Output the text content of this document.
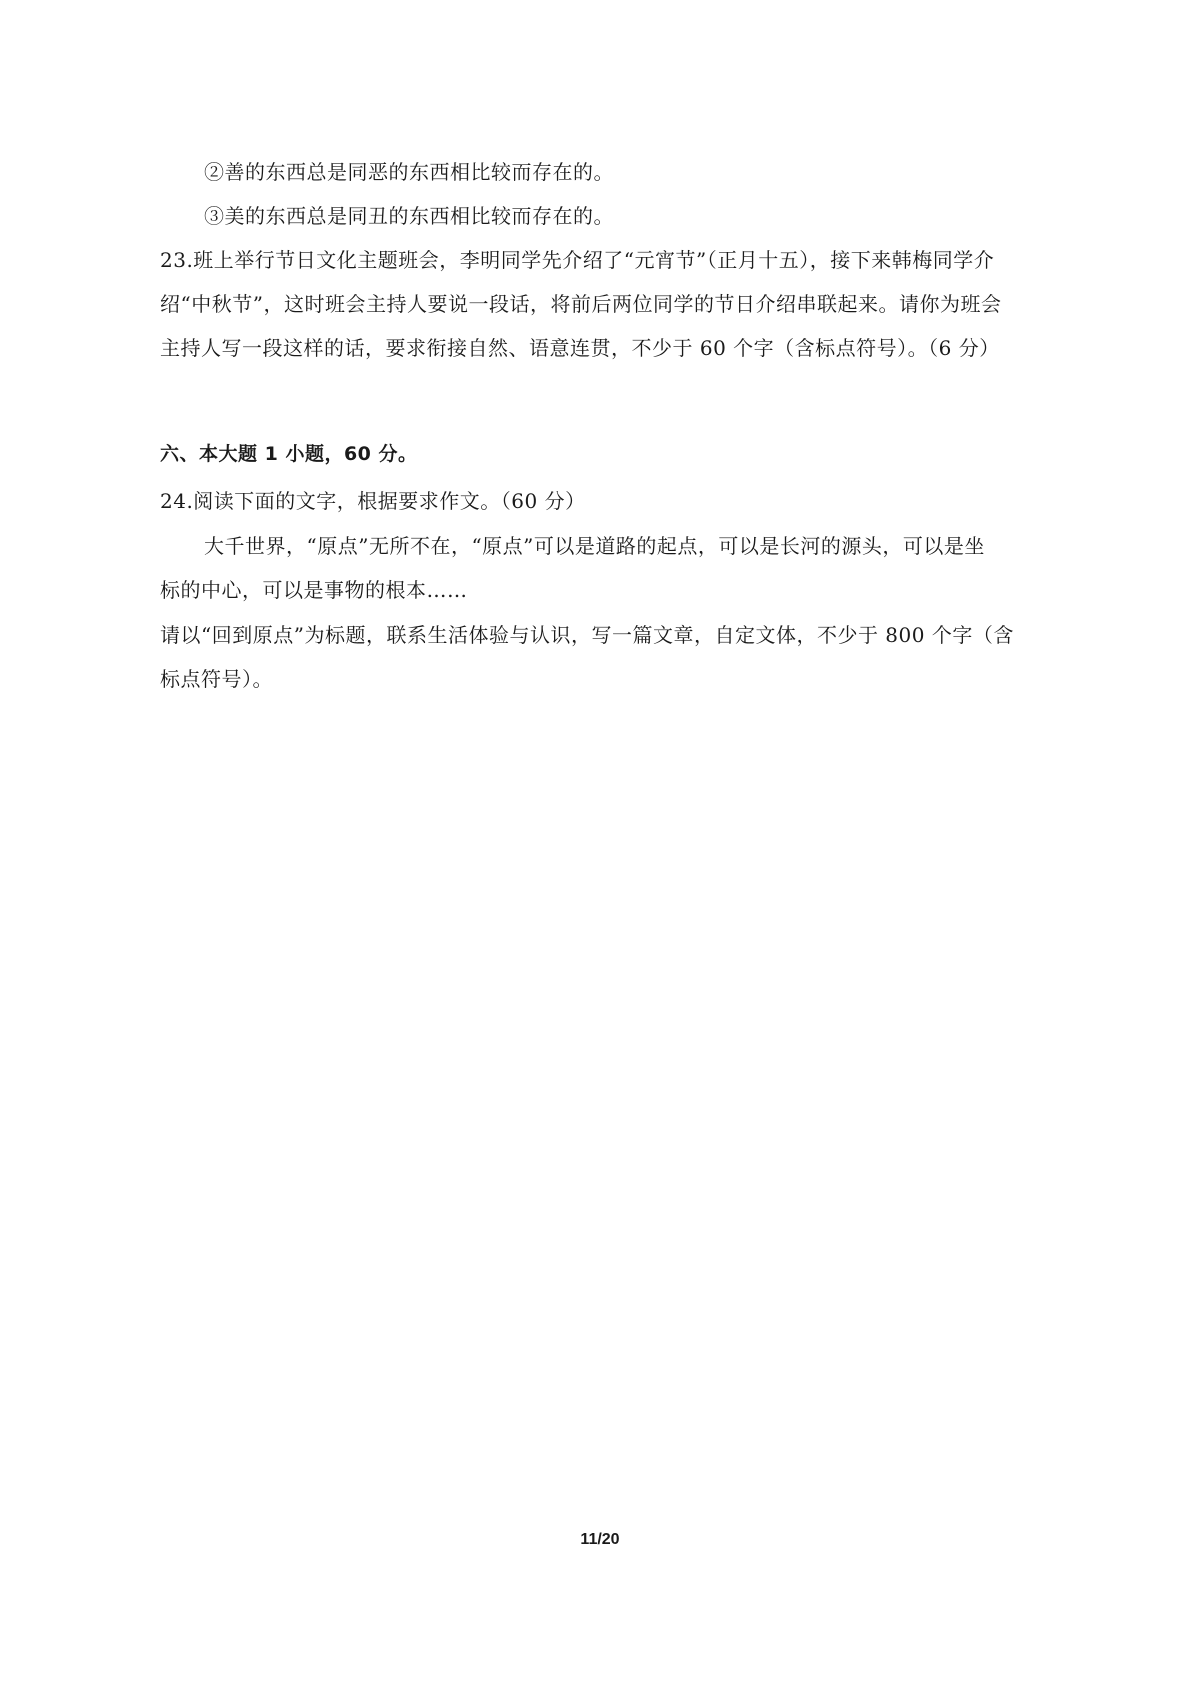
②善的东西总是同恶的东西相比较而存在的。
③美的东西总是同丑的东西相比较而存在的。
23.班上举行节日文化主题班会，李明同学先介绍了“元宵节”（正月十五），接下来韩梅同学介
绍“中秋节”，这时班会主持人要说一段话，将前后两位同学的节日介绍串联起来。请你为班会
主持人写一段这样的话，要求衔接自然、语意连贯，不少于 60 个字（含标点符号）。（6 分）
六、本大题 1 小题，60 分。
24.阅读下面的文字，根据要求作文。（60 分）
大千世界，“原点”无所不在，“原点”可以是道路的起点，可以是长河的源头，可以是坐
标的中心，可以是事物的根本……
请以“回到原点”为标题，联系生活体验与认识，写一篇文章，自定文体，不少于 800 个字（含
标点符号）。
11/20
